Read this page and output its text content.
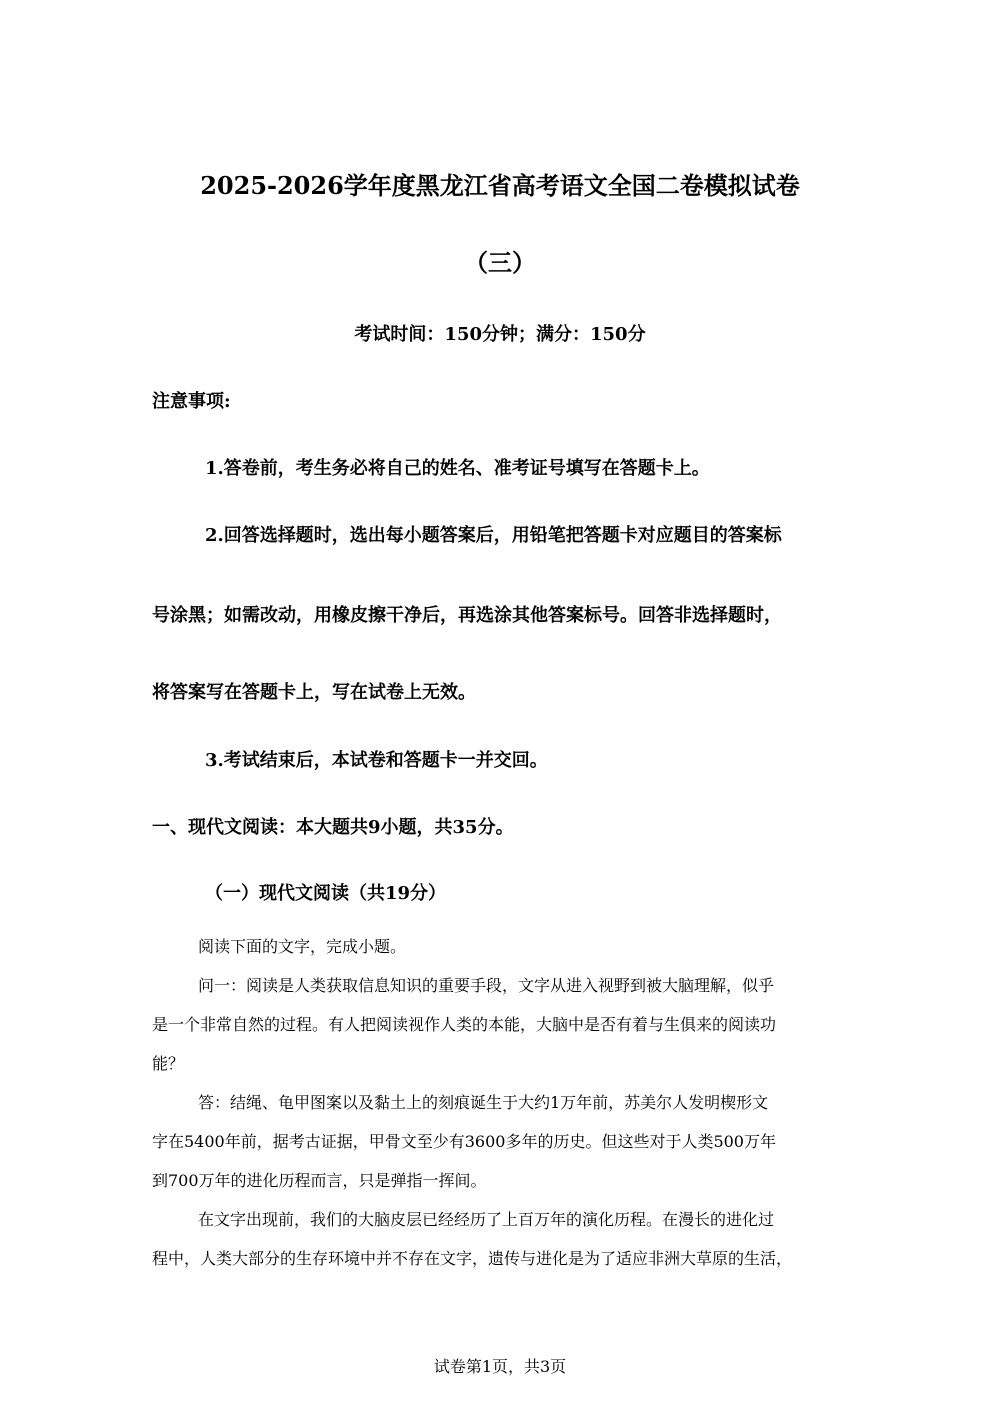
2025-2026学年度黑龙江省高考语文全国二卷模拟试卷
（三）
考试时间：150分钟；满分：150分
注意事项:
1.答卷前，考生务必将自己的姓名、准考证号填写在答题卡上。
2.回答选择题时，选出每小题答案后，用铅笔把答题卡对应题目的答案标
号涂黑；如需改动，用橡皮擦干净后，再选涂其他答案标号。回答非选择题时，
将答案写在答题卡上，写在试卷上无效。
3.考试结束后，本试卷和答题卡一并交回。
一、现代文阅读：本大题共9小题，共35分。
（一）现代文阅读（共19分）
阅读下面的文字，完成小题。
问一：阅读是人类获取信息知识的重要手段，文字从进入视野到被大脑理解，似乎
是一个非常自然的过程。有人把阅读视作人类的本能，大脑中是否有着与生俱来的阅读功
能？
答：结绳、龟甲图案以及黏土上的刻痕诞生于大约1万年前，苏美尔人发明楔形文
字在5400年前，据考古证据，甲骨文至少有3600多年的历史。但这些对于人类500万年
到700万年的进化历程而言，只是弹指一挥间。
在文字出现前，我们的大脑皮层已经经历了上百万年的演化历程。在漫长的进化过
程中，人类大部分的生存环境中并不存在文字，遗传与进化是为了适应非洲大草原的生活，
试卷第1页，共3页
